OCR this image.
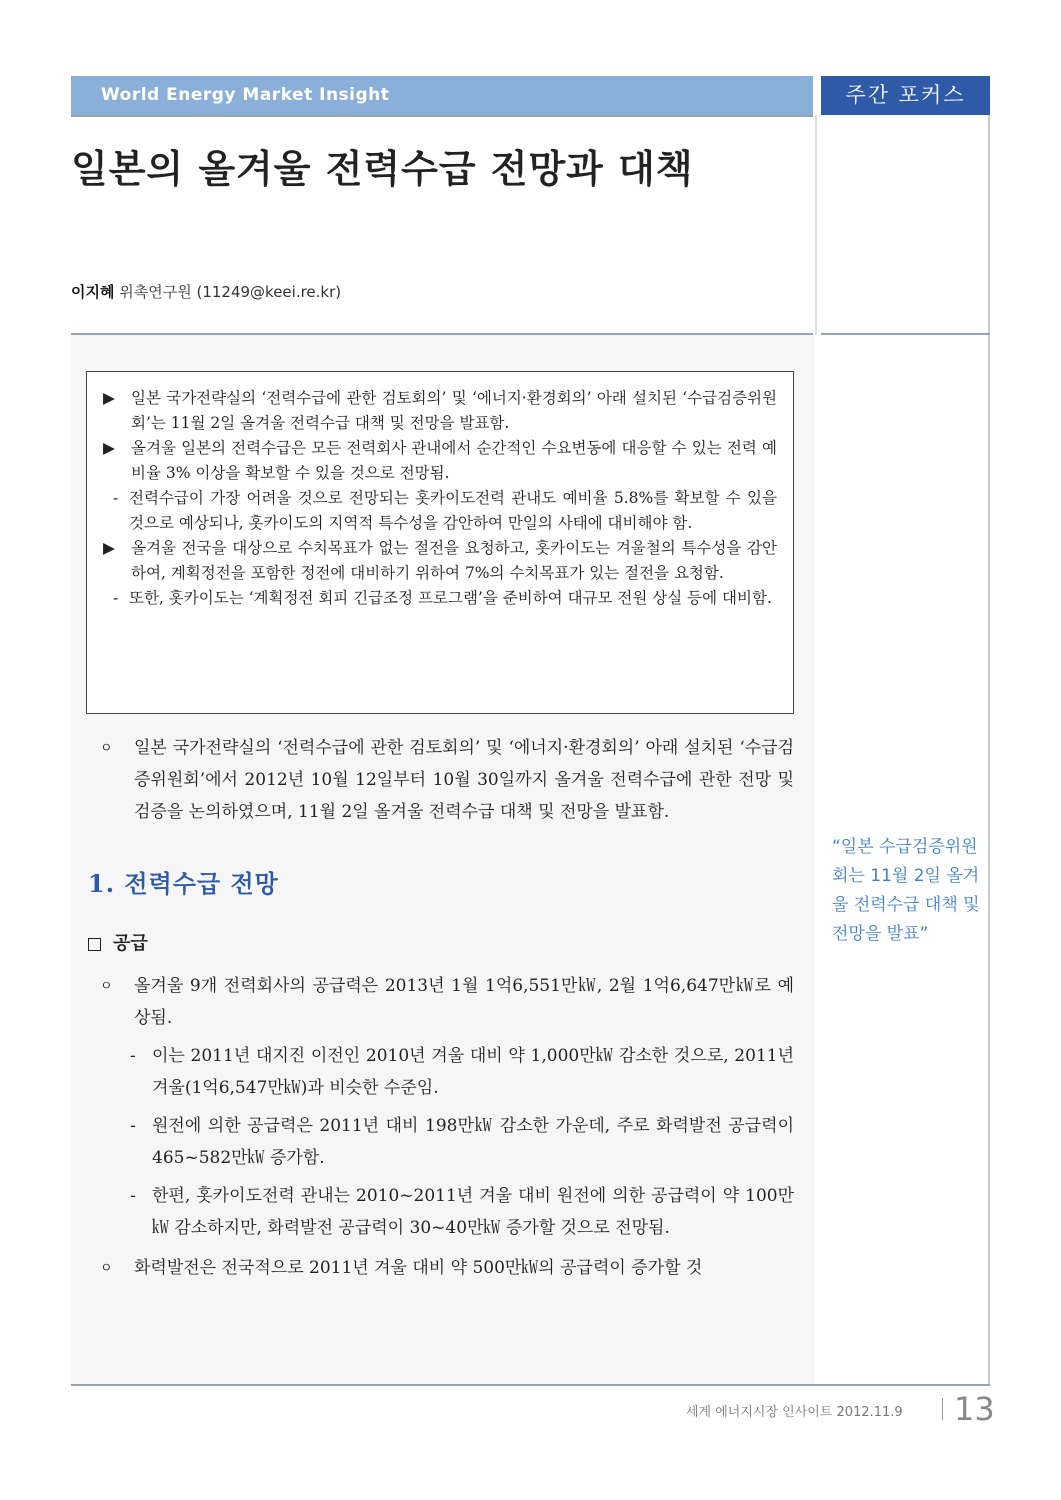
World Energy Market Insight	주간 포커스
일본의 올겨울 전력수급 전망과 대책
이지혜 위촉연구원 (11249@keei.re.kr)
▶	일본 국가전략실의 ‘전력수급에 관한 검토회의’ 및 ‘에너지·환경회의’ 아래 설치된 ‘수급검증위원회’는 11월 2일 올겨울 전력수급 대책 및 전망을 발표함.
▶	올겨울 일본의 전력수급은 모든 전력회사 관내에서 순간적인 수요변동에 대응할 수 있는 전력 예비율 3% 이상을 확보할 수 있을 것으로 전망됨.
- 전력수급이 가장 어려울 것으로 전망되는 홋카이도전력 관내도 예비율 5.8%를 확보할 수 있을 것으로 예상되나, 홋카이도의 지역적 특수성을 감안하여 만일의 사태에 대비해야 함.
▶	올겨울 전국을 대상으로 수치목표가 없는 절전을 요청하고, 홋카이도는 겨울철의 특수성을 감안하여, 계획정전을 포함한 정전에 대비하기 위하여 7%의 수치목표가 있는 절전을 요청함.
- 또한, 홋카이도는 ‘계획정전 회피 긴급조정 프로그램’을 준비하여 대규모 전원 상실 등에 대비함.
ㅇ	일본 국가전략실의 ‘전력수급에 관한 검토회의’ 및 ‘에너지·환경회의’ 아래 설치된 ‘수급검증위원회’에서 2012년 10월 12일부터 10월 30일까지 올겨울 전력수급에 관한 전망 및 검증을 논의하였으며, 11월 2일 올겨울 전력수급 대책 및 전망을 발표함.
1. 전력수급 전망
공급
ㅇ	올겨울 9개 전력회사의 공급력은 2013년 1월 1억6,551만㎾, 2월 1억6,647만㎾로 예상됨.
- 이는 2011년 대지진 이전인 2010년 겨울 대비 약 1,000만㎾ 감소한 것으로, 2011년 겨울(1억6,547만㎾)과 비슷한 수준임.
- 원전에 의한 공급력은 2011년 대비 198만㎾ 감소한 가운데, 주로 화력발전 공급력이 465~582만㎾ 증가함.
- 한편, 홋카이도전력 관내는 2010~2011년 겨울 대비 원전에 의한 공급력이 약 100만㎾ 감소하지만, 화력발전 공급력이 30~40만㎾ 증가할 것으로 전망됨.
ㅇ	화력발전은 전국적으로 2011년 겨울 대비 약 500만㎾의 공급력이 증가할 것
“일본 수급검증위원회는 11월 2일 올겨울 전력수급 대책 및 전망을 발표”
세계 에너지시장 인사이트 2012.11.9 13
